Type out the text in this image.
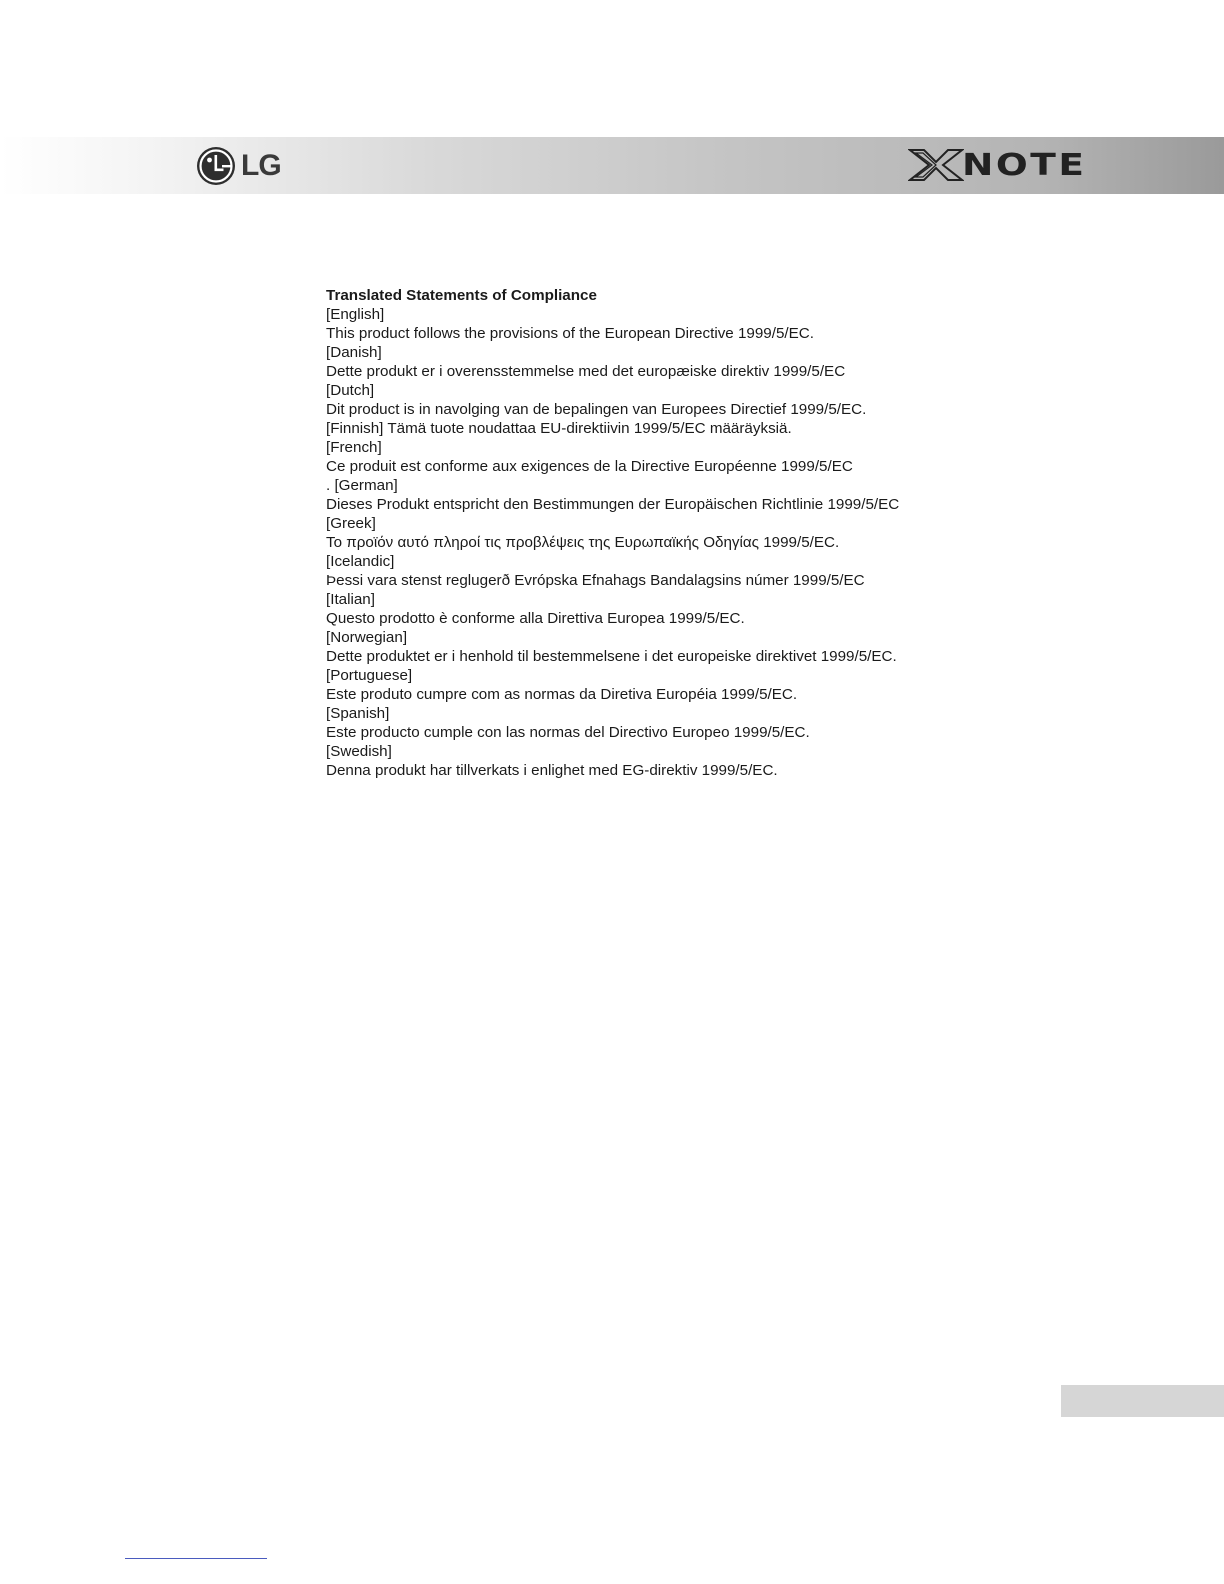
LG	NOTE

Translated Statements of Compliance

[English]

This product follows the provisions of the European Directive 1999/5/EC.

[Danish]

Dette produkt er i overensstemmelse med det europæiske direktiv 1999/5/EC

[Dutch]

Dit product is in navolging van de bepalingen van Europees Directief 1999/5/EC.

[Finnish] Tämä tuote noudattaa EU-direktiivin 1999/5/EC määräyksiä.

[French]

Ce produit est conforme aux exigences de la Directive Européenne 1999/5/EC

. [German]

Dieses Produkt entspricht den Bestimmungen der Europäischen Richtlinie 1999/5/EC

[Greek]

Το προϊόν αυτό πληροί τις προβλέψεις της Ευρωπαϊκής Οδηγίας 1999/5/EC.

[Icelandic]

Þessi vara stenst reglugerð Evrópska Efnahags Bandalagsins númer 1999/5/EC

[Italian]

Questo prodotto è conforme alla Direttiva Europea 1999/5/EC.

[Norwegian]

Dette produktet er i henhold til bestemmelsene i det europeiske direktivet 1999/5/EC.

[Portuguese]

Este produto cumpre com as normas da Diretiva Européia 1999/5/EC.

[Spanish]

Este producto cumple con las normas del Directivo Europeo 1999/5/EC.

[Swedish]

Denna produkt har tillverkats i enlighet med EG-direktiv 1999/5/EC.
